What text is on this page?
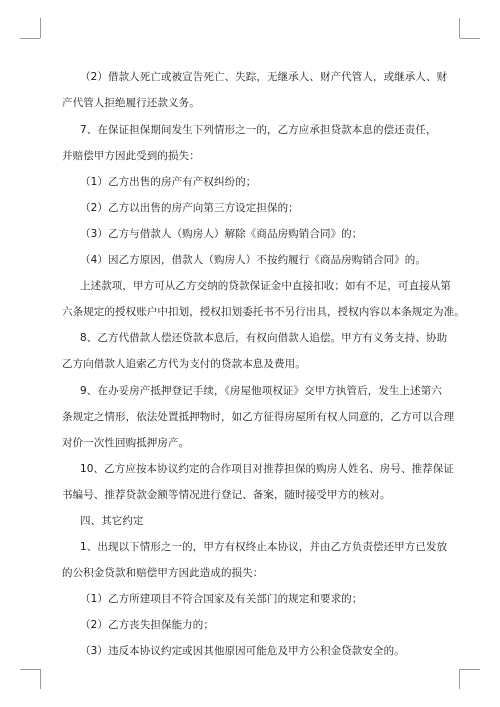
（2）借款人死亡或被宣告死亡、失踪，无继承人、财产代管人，或继承人、财
产代管人拒绝履行还款义务。
7、在保证担保期间发生下列情形之一的，乙方应承担贷款本息的偿还责任，
并赔偿甲方因此受到的损失：
（1）乙方出售的房产有产权纠纷的；
（2）乙方以出售的房产向第三方设定担保的；
（3）乙方与借款人（购房人）解除《商品房购销合同》的；
（4）因乙方原因，借款人（购房人）不按约履行《商品房购销合同》的。
上述款项，甲方可从乙方交纳的贷款保证金中直接扣收；如有不足，可直接从第
六条规定的授权账户中扣划，授权扣划委托书不另行出具，授权内容以本条规定为准。
8、乙方代借款人偿还贷款本息后，有权向借款人追偿。甲方有义务支持、协助
乙方向借款人追索乙方代为支付的贷款本息及费用。
9、在办妥房产抵押登记手续，《房屋他项权证》交甲方执管后，发生上述第六
条规定之情形，依法处置抵押物时，如乙方征得房屋所有权人同意的，乙方可以合理
对价一次性回购抵押房产。
10、乙方应按本协议约定的合作项目对推荐担保的购房人姓名、房号、推荐保证
书编号、推荐贷款金额等情况进行登记、备案，随时接受甲方的核对。
四、其它约定
1、出现以下情形之一的，甲方有权终止本协议，并由乙方负责偿还甲方已发放
的公积金贷款和赔偿甲方因此造成的损失：
（1）乙方所建项目不符合国家及有关部门的规定和要求的；
（2）乙方丧失担保能力的；
（3）违反本协议约定或因其他原因可能危及甲方公积金贷款安全的。
